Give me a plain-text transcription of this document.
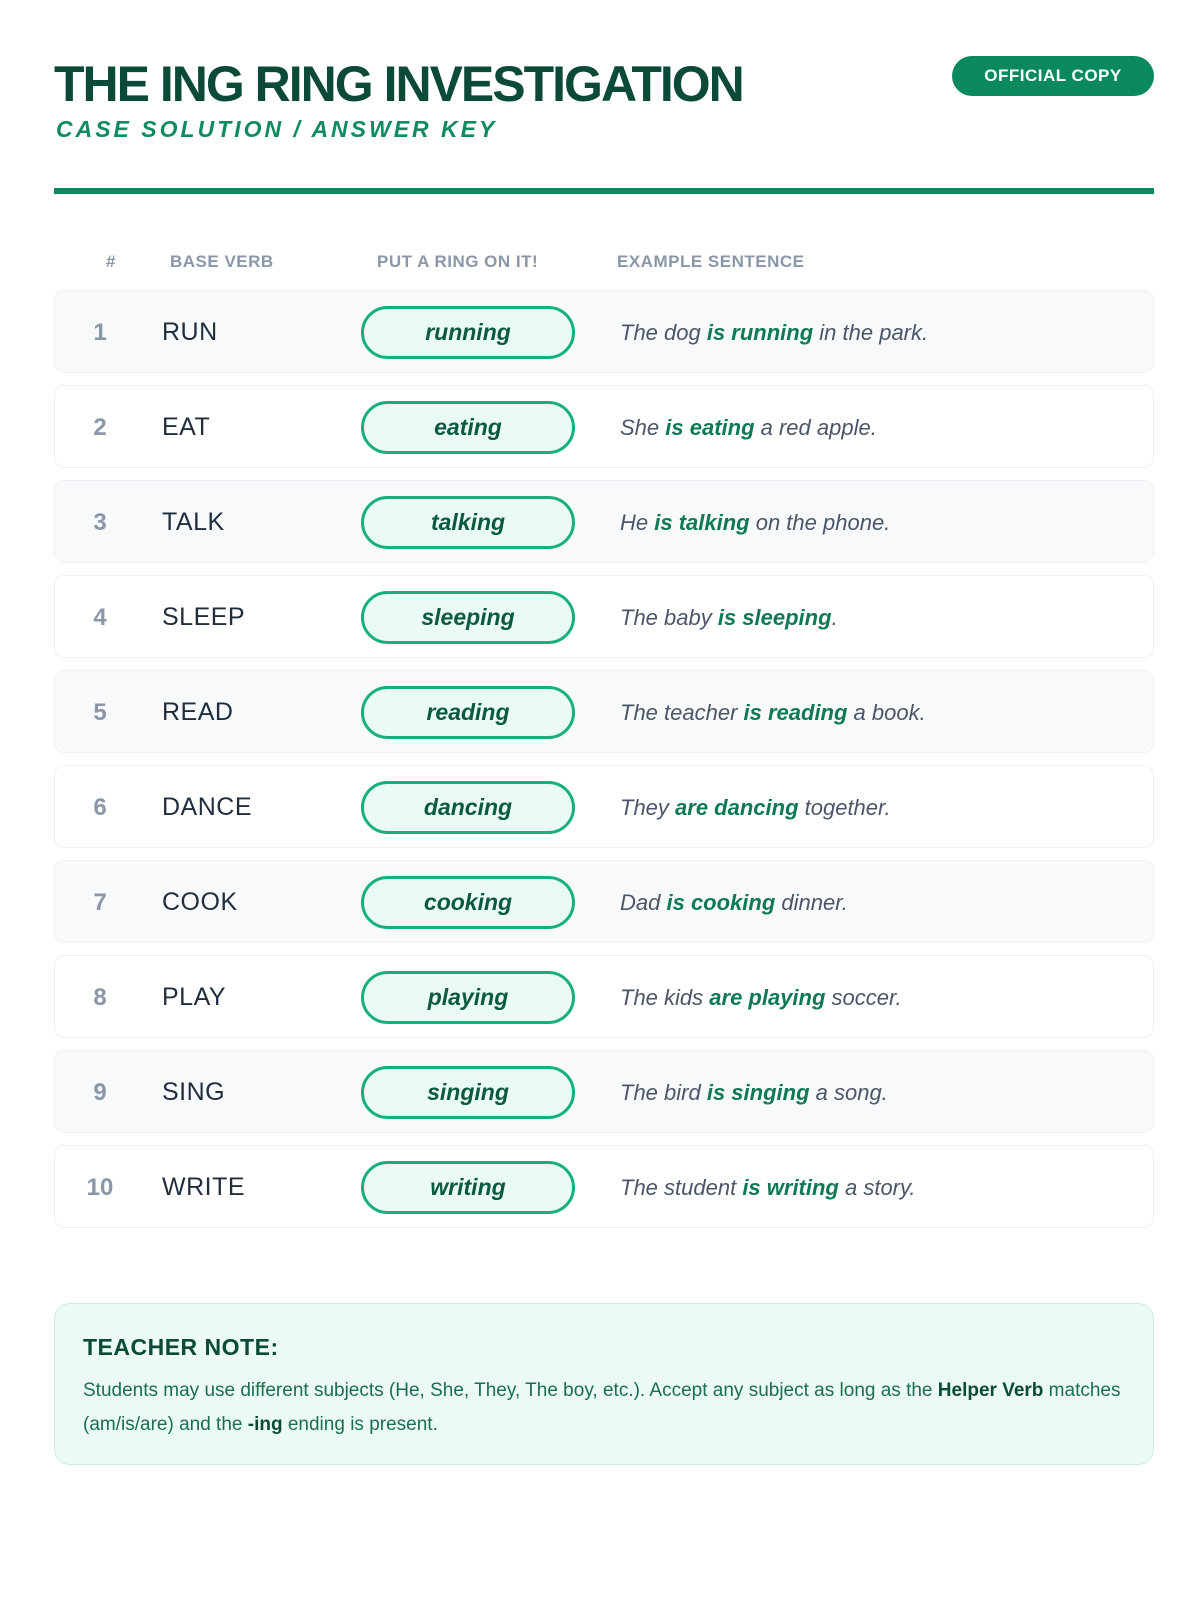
THE ING RING INVESTIGATION
CASE SOLUTION / ANSWER KEY
OFFICIAL COPY
#	BASE VERB	PUT A RING ON IT!	EXAMPLE SENTENCE
1	RUN	running	The dog is running in the park.
2	EAT	eating	She is eating a red apple.
3	TALK	talking	He is talking on the phone.
4	SLEEP	sleeping	The baby is sleeping.
5	READ	reading	The teacher is reading a book.
6	DANCE	dancing	They are dancing together.
7	COOK	cooking	Dad is cooking dinner.
8	PLAY	playing	The kids are playing soccer.
9	SING	singing	The bird is singing a song.
10	WRITE	writing	The student is writing a story.
TEACHER NOTE:
Students may use different subjects (He, She, They, The boy, etc.). Accept any subject as long as the Helper Verb matches (am/is/are) and the -ing ending is present.
